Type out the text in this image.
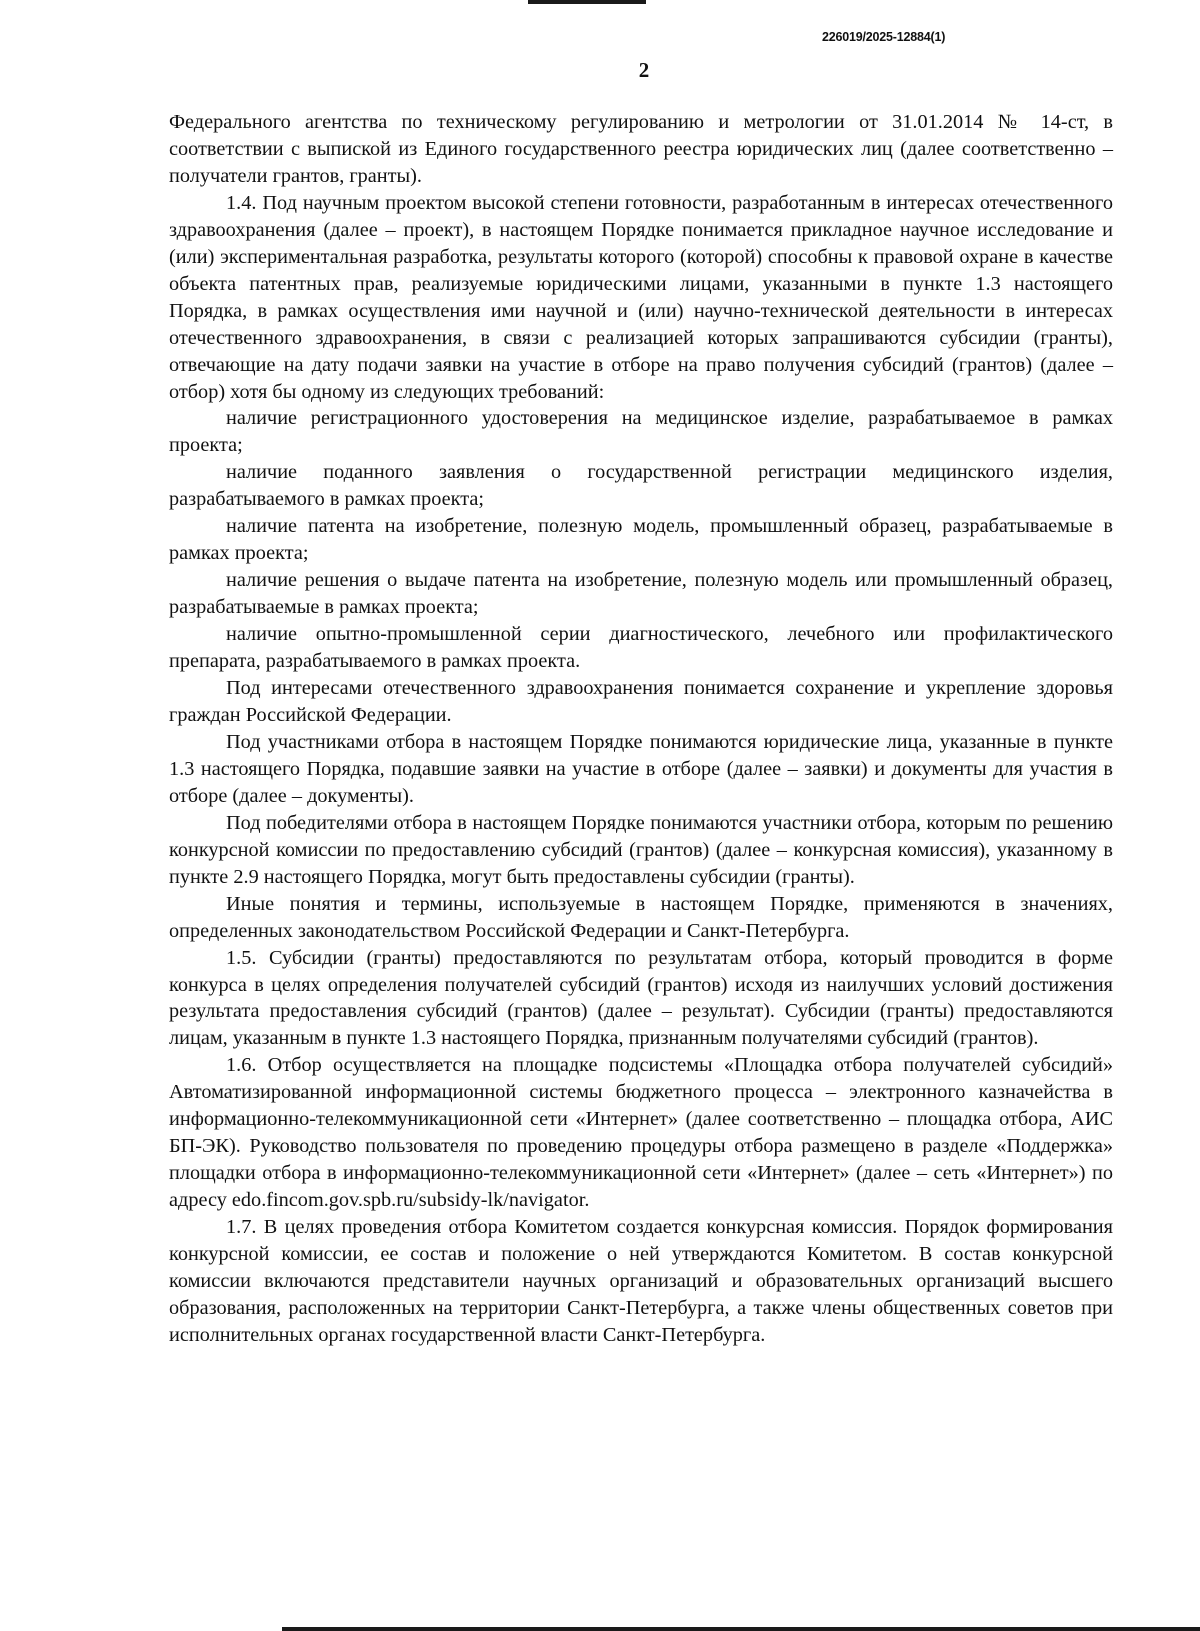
226019/2025-12884(1)
2

Федерального агентства по техническому регулированию и метрологии от 31.01.2014 № 14-ст, в соответствии с выпиской из Единого государственного реестра юридических лиц (далее соответственно – получатели грантов, гранты).

1.4. Под научным проектом высокой степени готовности, разработанным в интересах отечественного здравоохранения (далее – проект), в настоящем Порядке понимается прикладное научное исследование и (или) экспериментальная разработка, результаты которого (которой) способны к правовой охране в качестве объекта патентных прав, реализуемые юридическими лицами, указанными в пункте 1.3 настоящего Порядка, в рамках осуществления ими научной и (или) научно-технической деятельности в интересах отечественного здравоохранения, в связи с реализацией которых запрашиваются субсидии (гранты), отвечающие на дату подачи заявки на участие в отборе на право получения субсидий (грантов) (далее – отбор) хотя бы одному из следующих требований:

наличие регистрационного удостоверения на медицинское изделие, разрабатываемое в рамках проекта;

наличие поданного заявления о государственной регистрации медицинского изделия, разрабатываемого в рамках проекта;

наличие патента на изобретение, полезную модель, промышленный образец, разрабатываемые в рамках проекта;

наличие решения о выдаче патента на изобретение, полезную модель или промышленный образец, разрабатываемые в рамках проекта;

наличие опытно-промышленной серии диагностического, лечебного или профилактического препарата, разрабатываемого в рамках проекта.

Под интересами отечественного здравоохранения понимается сохранение и укрепление здоровья граждан Российской Федерации.

Под участниками отбора в настоящем Порядке понимаются юридические лица, указанные в пункте 1.3 настоящего Порядка, подавшие заявки на участие в отборе (далее – заявки) и документы для участия в отборе (далее – документы).

Под победителями отбора в настоящем Порядке понимаются участники отбора, которым по решению конкурсной комиссии по предоставлению субсидий (грантов) (далее – конкурсная комиссия), указанному в пункте 2.9 настоящего Порядка, могут быть предоставлены субсидии (гранты).

Иные понятия и термины, используемые в настоящем Порядке, применяются в значениях, определенных законодательством Российской Федерации и Санкт-Петербурга.

1.5. Субсидии (гранты) предоставляются по результатам отбора, который проводится в форме конкурса в целях определения получателей субсидий (грантов) исходя из наилучших условий достижения результата предоставления субсидий (грантов) (далее – результат). Субсидии (гранты) предоставляются лицам, указанным в пункте 1.3 настоящего Порядка, признанным получателями субсидий (грантов).

1.6. Отбор осуществляется на площадке подсистемы «Площадка отбора получателей субсидий» Автоматизированной информационной системы бюджетного процесса – электронного казначейства в информационно-телекоммуникационной сети «Интернет» (далее соответственно – площадка отбора, АИС БП-ЭК). Руководство пользователя по проведению процедуры отбора размещено в разделе «Поддержка» площадки отбора в информационно-телекоммуникационной сети «Интернет» (далее – сеть «Интернет») по адресу edo.fincom.gov.spb.ru/subsidy-lk/navigator.

1.7. В целях проведения отбора Комитетом создается конкурсная комиссия. Порядок формирования конкурсной комиссии, ее состав и положение о ней утверждаются Комитетом. В состав конкурсной комиссии включаются представители научных организаций и образовательных организаций высшего образования, расположенных на территории Санкт-Петербурга, а также члены общественных советов при исполнительных органах государственной власти Санкт-Петербурга.
